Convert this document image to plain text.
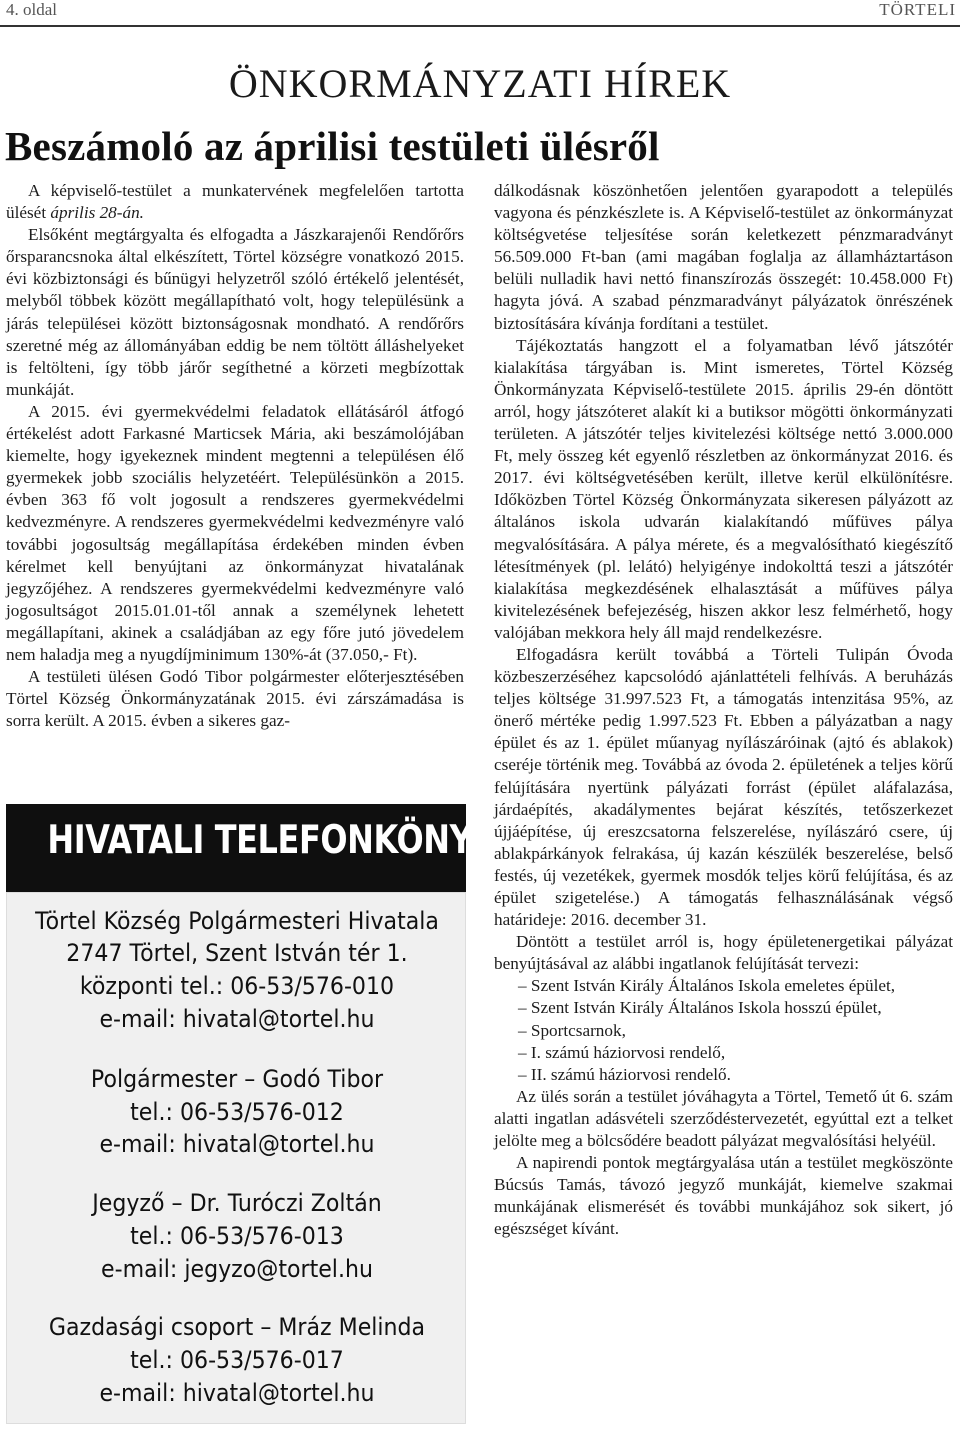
4. oldal	TÖRTELI
ÖNKORMÁNYZATI HÍREK
Beszámoló az áprilisi testületi ülésről

A képviselő-testület a munkatervének megfelelően tartotta ülését április 28-án.

Elsőként megtárgyalta és elfogadta a Jászkarajenői Rendőrőrs őrsparancsnoka által elkészített, Törtel községre vonatkozó 2015. évi közbiztonsági és bűnügyi helyzetről szóló értékelő jelentését, melyből többek között megállapítható volt, hogy településünk a járás települései között biztonságosnak mondható. A rendőrőrs szeretné még az állományában eddig be nem töltött álláshelyeket is feltölteni, így több járőr segíthetné a körzeti megbízottak munkáját.

A 2015. évi gyermekvédelmi feladatok ellátásáról átfogó értékelést adott Farkasné Marticsek Mária, aki beszámolójában kiemelte, hogy igyekeznek mindent megtenni a településen élő gyermekek jobb szociális helyzetéért. Településünkön a 2015. évben 363 fő volt jogosult a rendszeres gyermekvédelmi kedvezményre. A rendszeres gyermekvédelmi kedvezményre való további jogosultság megállapítása érdekében minden évben kérelmet kell benyújtani az önkormányzat hivatalának jegyzőjéhez. A rendszeres gyermekvédelmi kedvezményre való jogosultságot 2015.01.01-től annak a személynek lehetett megállapítani, akinek a családjában az egy főre jutó jövedelem nem haladja meg a nyugdíjminimum 130%-át (37.050,- Ft).

A testületi ülésen Godó Tibor polgármester előterjesztésében Törtel Község Önkormányzatának 2015. évi zárszámadása is sorra került. A 2015. évben a sikeres gaz-

HIVATALI TELEFONKÖNYV
Törtel Község Polgármesteri Hivatala
2747 Törtel, Szent István tér 1.
központi tel.: 06-53/576-010
e-mail: hivatal@tortel.hu
Polgármester – Godó Tibor
tel.: 06-53/576-012
e-mail: hivatal@tortel.hu
Jegyző – Dr. Turóczi Zoltán
tel.: 06-53/576-013
e-mail: jegyzo@tortel.hu
Gazdasági csoport – Mráz Melinda
tel.: 06-53/576-017
e-mail: hivatal@tortel.hu

dálkodásnak köszönhetően jelentően gyarapodott a település vagyona és pénzkészlete is. A Képviselő-testület az önkormányzat költségvetése teljesítése során keletkezett pénzmaradványt 56.509.000 Ft-ban (ami magában foglalja az államháztartáson belüli nulladik havi nettó finanszírozás összegét: 10.458.000 Ft) hagyta jóvá. A szabad pénzmaradványt pályázatok önrészének biztosítására kívánja fordítani a testület.

Tájékoztatás hangzott el a folyamatban lévő játszótér kialakítása tárgyában is. Mint ismeretes, Törtel Község Önkormányzata Képviselő-testülete 2015. április 29-én döntött arról, hogy játszóteret alakít ki a butiksor mögötti önkormányzati területen. A játszótér teljes kivitelezési költsége nettó 3.000.000 Ft, mely összeg két egyenlő részletben az önkormányzat 2016. és 2017. évi költségvetésében került, illetve kerül elkülönítésre. Időközben Törtel Község Önkormányzata sikeresen pályázott az általános iskola udvarán kialakítandó műfüves pálya megvalósítására. A pálya mérete, és a megvalósítható kiegészítő létesítmények (pl. lelátó) helyigénye indokolttá teszi a játszótér kialakítása megkezdésének elhalasztását a műfüves pálya kivitelezésének befejezéség, hiszen akkor lesz felmérhető, hogy valójában mekkora hely áll majd rendelkezésre.

Elfogadásra került továbbá a Törteli Tulipán Óvoda közbeszerzéséhez kapcsolódó ajánlattételi felhívás. A beruházás teljes költsége 31.997.523 Ft, a támogatás intenzitása 95%, az önerő mértéke pedig 1.997.523 Ft. Ebben a pályázatban a nagy épület és az 1. épület műanyag nyílászáróinak (ajtó és ablakok) cseréje történik meg. Továbbá az óvoda 2. épületének a teljes körű felújítására nyertünk pályázati forrást (épület aláfalazása, járdaépítés, akadálymentes bejárat készítés, tetőszerkezet újjáépítése, új ereszcsatorna felszerelése, nyílászáró csere, új ablakpárkányok felrakása, új kazán készülék beszerelése, belső festés, új vezetékek, gyermek mosdók teljes körű felújítása, és az épület szigetelése.) A támogatás felhasználásának végső határideje: 2016. december 31.

Döntött a testület arról is, hogy épületenergetikai pályázat benyújtásával az alábbi ingatlanok felújítását tervezi:

– Szent István Király Általános Iskola emeletes épület,
– Szent István Király Általános Iskola hosszú épület,
– Sportcsarnok,
– I. számú háziorvosi rendelő,
– II. számú háziorvosi rendelő.

Az ülés során a testület jóváhagyta a Törtel, Temető út 6. szám alatti ingatlan adásvételi szerződéstervezetét, egyúttal ezt a telket jelölte meg a bölcsődére beadott pályázat megvalósítási helyéül.

A napirendi pontok megtárgyalása után a testület megköszönte Búcsús Tamás, távozó jegyző munkáját, kiemelve szakmai munkájának elismerését és további munkájához sok sikert, jó egészséget kívánt.
